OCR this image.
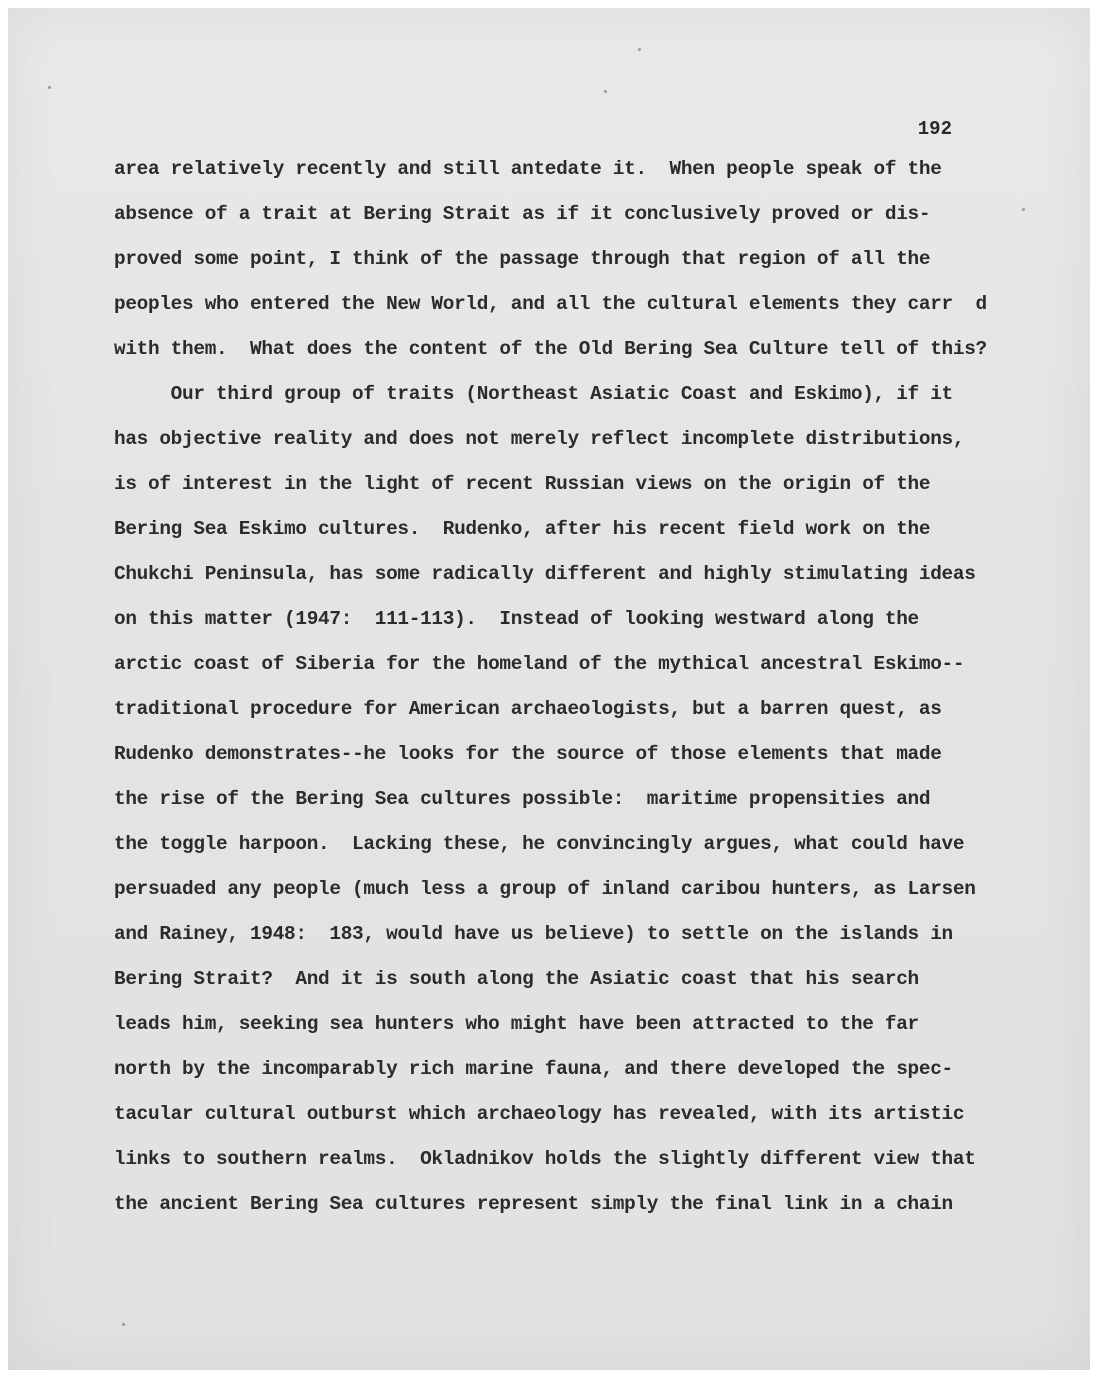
192
area relatively recently and still antedate it.  When people speak of the
absence of a trait at Bering Strait as if it conclusively proved or dis-
proved some point, I think of the passage through that region of all the
peoples who entered the New World, and all the cultural elements they carr  d
with them.  What does the content of the Old Bering Sea Culture tell of this?
Our third group of traits (Northeast Asiatic Coast and Eskimo), if it
has objective reality and does not merely reflect incomplete distributions,
is of interest in the light of recent Russian views on the origin of the
Bering Sea Eskimo cultures.  Rudenko, after his recent field work on the
Chukchi Peninsula, has some radically different and highly stimulating ideas
on this matter (1947:  111-113).  Instead of looking westward along the
arctic coast of Siberia for the homeland of the mythical ancestral Eskimo--
traditional procedure for American archaeologists, but a barren quest, as
Rudenko demonstrates--he looks for the source of those elements that made
the rise of the Bering Sea cultures possible:  maritime propensities and
the toggle harpoon.  Lacking these, he convincingly argues, what could have
persuaded any people (much less a group of inland caribou hunters, as Larsen
and Rainey, 1948:  183, would have us believe) to settle on the islands in
Bering Strait?  And it is south along the Asiatic coast that his search
leads him, seeking sea hunters who might have been attracted to the far
north by the incomparably rich marine fauna, and there developed the spec-
tacular cultural outburst which archaeology has revealed, with its artistic
links to southern realms.  Okladnikov holds the slightly different view that
the ancient Bering Sea cultures represent simply the final link in a chain
